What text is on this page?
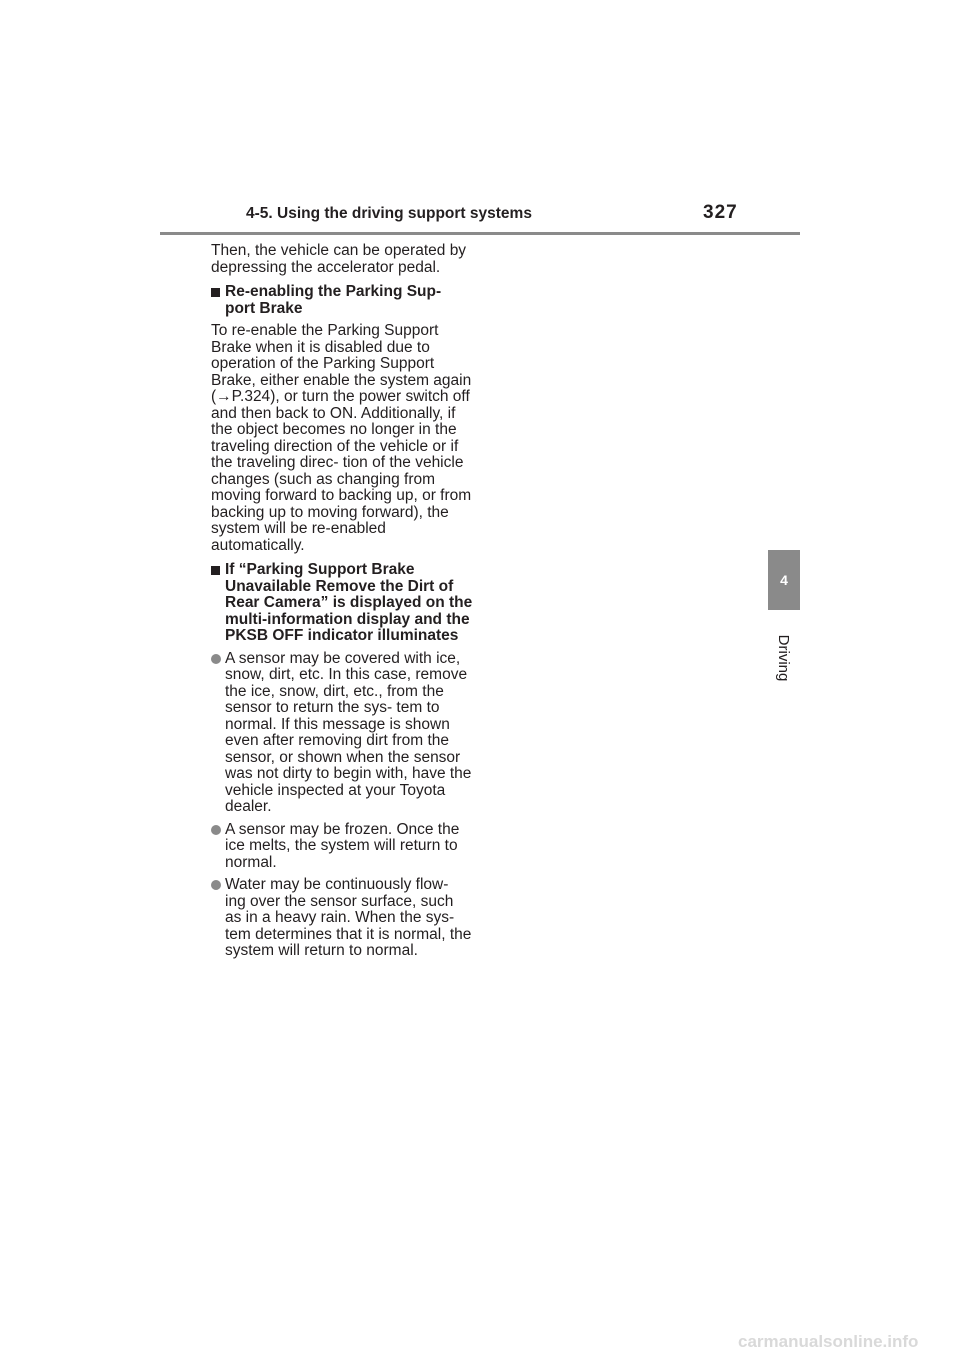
4-5. Using the driving support systems	327
4
Driving

Then, the vehicle can be operated by depressing the accelerator pedal.

Re-enabling the Parking Sup- port Brake

To re-enable the Parking Support Brake when it is disabled due to operation of the Parking Support Brake, either enable the system again (→P.324), or turn the power switch off and then back to ON. Additionally, if the object becomes no longer in the traveling direction of the vehicle or if the traveling direc- tion of the vehicle changes (such as changing from moving forward to backing up, or from backing up to moving forward), the system will be re-enabled automatically.

If “Parking Support Brake Unavailable Remove the Dirt of Rear Camera” is displayed on the multi-information display and the PKSB OFF indicator illuminates

A sensor may be covered with ice, snow, dirt, etc. In this case, remove the ice, snow, dirt, etc., from the sensor to return the sys- tem to normal. If this message is shown even after removing dirt from the sensor, or shown when the sensor was not dirty to begin with, have the vehicle inspected at your Toyota dealer.

A sensor may be frozen. Once the ice melts, the system will return to normal.

Water may be continuously flow- ing over the sensor surface, such as in a heavy rain. When the sys- tem determines that it is normal, the system will return to normal.

carmanualsonline.info
